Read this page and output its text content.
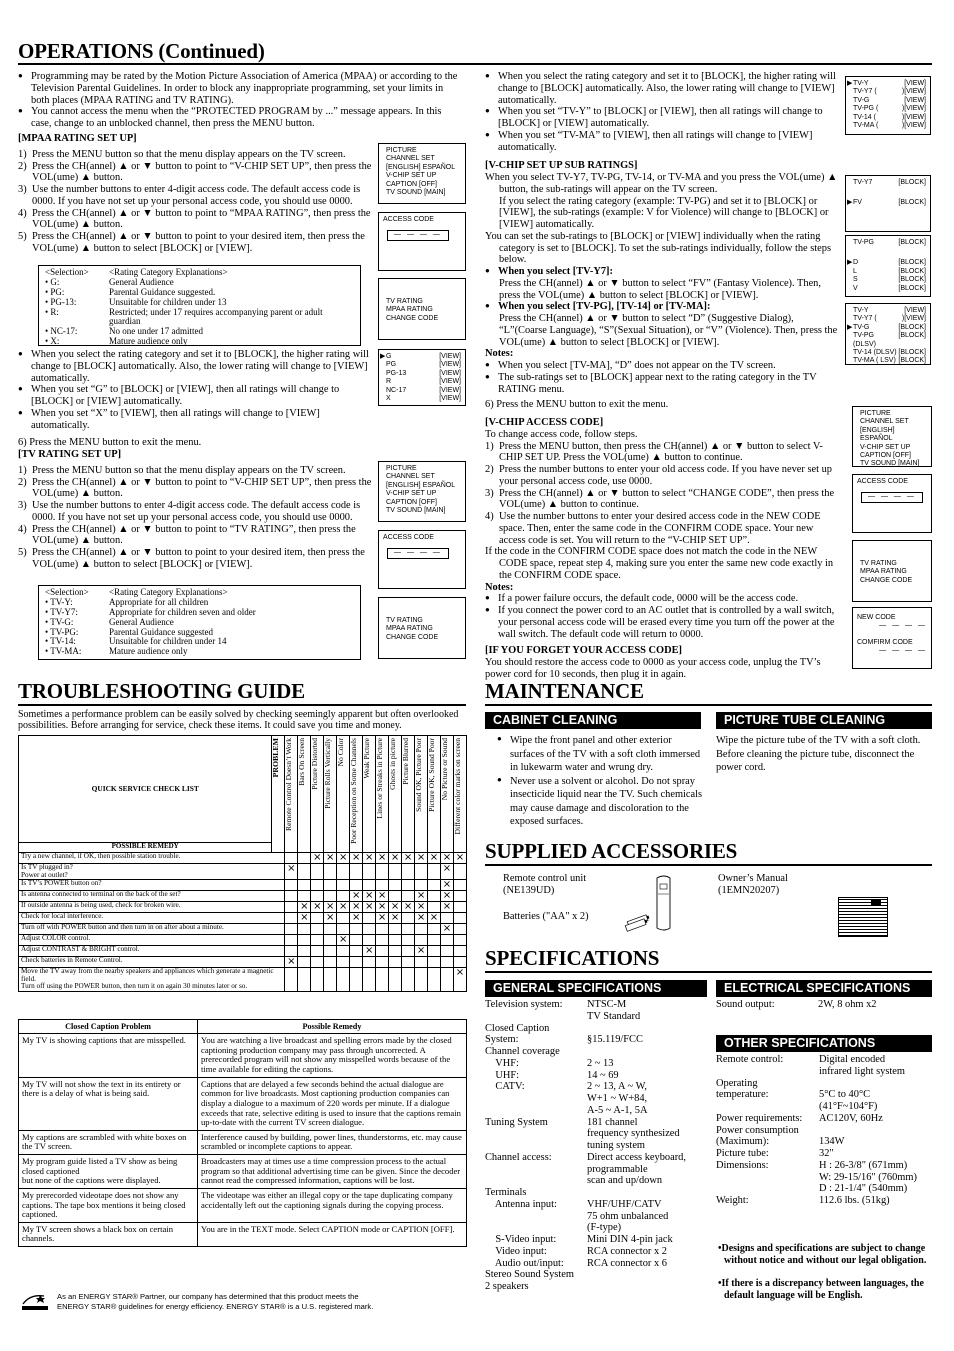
OPERATIONS (Continued)

● Programming may be rated by the Motion Picture Association of America (MPAA) or according to the Television Parental Guidelines. In order to block any inappropriate programming, set your limits in both places (MPAA RATING and TV RATING).

● You cannot access the menu when the “PROTECTED PROGRAM by ...” message appears. In this case, change to an unblocked channel, then press the MENU button.

[MPAA RATING SET UP]

1) Press the MENU button so that the menu display appears on the TV screen.

2) Press the CH(annel) ▲ or ▼ button to point to “V-CHIP SET UP”, then press the VOL(ume) ▲ button.

3) Use the number buttons to enter 4-digit access code. The default access code is 0000. If you have not set up your personal access code, you should use 0000.

4) Press the CH(annel) ▲ or ▼ button to point to “MPAA RATING”, then press the VOL(ume) ▲ button.

5) Press the CH(annel) ▲ or ▼ button to point to your desired item, then press the VOL(ume) ▲ button to select [BLOCK] or [VIEW].

<Selection>	<Rating Category Explanations>
• G:	General Audience
• PG:	Parental Guidance suggested.
• PG-13:	Unsuitable for children under 13
• R:	Restricted; under 17 requires accompanying parent or adult guardian
• NC-17:	No one under 17 admitted
• X:	Mature audience only

● When you select the rating category and set it to [BLOCK], the higher rating will change to [BLOCK] automatically. Also, the lower rating will change to [VIEW] automatically.

● When you set “G” to [BLOCK] or [VIEW], then all ratings will change to [BLOCK] or [VIEW] automatically.

● When you set “X” to [VIEW], then all ratings will change to [VIEW] automatically.

6) Press the MENU button to exit the menu.

[TV RATING SET UP]

1) Press the MENU button so that the menu display appears on the TV screen.

2) Press the CH(annel) ▲ or ▼ button to point to “V-CHIP SET UP”, then press the VOL(ume) ▲ button.

3) Use the number buttons to enter 4-digit access code. The default access code is 0000. If you have not set up your personal access code, you should use 0000.

4) Press the CH(annel) ▲ or ▼ button to point to “TV RATING”, then press the VOL(ume) ▲ button.

5) Press the CH(annel) ▲ or ▼ button to point to your desired item, then press the VOL(ume) ▲ button to select [BLOCK] or [VIEW].

<Selection>	<Rating Category Explanations>
• TV-Y:	Appropriate for all children
• TV-Y7:	Appropriate for children seven and older
• TV-G:	General Audience
• TV-PG:	Parental Guidance suggested
• TV-14:	Unsuitable for children under 14
• TV-MA:	Mature audience only
PICTURE
CHANNEL SET
[ENGLISH] ESPAÑOL
V-CHIP SET UP
CAPTION [OFF]
TV SOUND [MAIN]
ACCESS CODE
— — — —
TV RATING
MPAA RATING
CHANGE CODE
▶ G	[VIEW]
PG	[VIEW]
PG-13	[VIEW]
R	[VIEW]
NC-17	[VIEW]
X	[VIEW]
PICTURE
CHANNEL SET
[ENGLISH] ESPAÑOL
V-CHIP SET UP
CAPTION [OFF]
TV SOUND [MAIN]
ACCESS CODE
— — — —
TV RATING
MPAA RATING
CHANGE CODE

● When you select the rating category and set it to [BLOCK], the higher rating will change to [BLOCK] automatically. Also, the lower rating will change to [VIEW] automatically.

● When you set “TV-Y” to [BLOCK] or [VIEW], then all ratings will change to [BLOCK] or [VIEW] automatically.

● When you set “TV-MA” to [VIEW], then all ratings will change to [VIEW] automatically.

[V-CHIP SET UP SUB RATINGS]

When you select TV-Y7, TV-PG, TV-14, or TV-MA and you press the VOL(ume) ▲ button, the sub-ratings will appear on the TV screen.

If you select the rating category (example: TV-PG) and set it to [BLOCK] or [VIEW], the sub-ratings (example: V for Violence) will change to [BLOCK] or [VIEW] automatically.

You can set the sub-ratings to [BLOCK] or [VIEW] individually when the rating category is set to [BLOCK]. To set the sub-ratings individually, follow the steps below.

● When you select [TV-Y7]:

Press the CH(annel) ▲ or ▼ button to select “FV” (Fantasy Violence). Then, press the VOL(ume) ▲ button to select [BLOCK] or [VIEW].

● When you select [TV-PG], [TV-14] or [TV-MA]:

Press the CH(annel) ▲ or ▼ button to select “D” (Suggestive Dialog), “L”(Coarse Language), “S”(Sexual Situation), or “V” (Violence). Then, press the VOL(ume) ▲ button to select [BLOCK] or [VIEW].

Notes:

● When you select [TV-MA], “D” does not appear on the TV screen.

● The sub-ratings set to [BLOCK] appear next to the rating category in the TV RATING menu.

6) Press the MENU button to exit the menu.

[V-CHIP ACCESS CODE]

To change access code, follow steps.

1) Press the MENU button, then press the CH(annel) ▲ or ▼ button to select V-CHIP SET UP. Press the VOL(ume) ▲ button to continue.

2) Press the number buttons to enter your old access code. If you have never set up your personal access code, use 0000.

3) Press the CH(annel) ▲ or ▼ button to select “CHANGE CODE”, then press the VOL(ume) ▲ button to continue.

4) Use the number buttons to enter your desired access code in the NEW CODE space. Then, enter the same code in the CONFIRM CODE space. Your new access code is set. You will return to the “V-CHIP SET UP”.

If the code in the CONFIRM CODE space does not match the code in the NEW CODE space, repeat step 4, making sure you enter the same new code exactly in the CONFIRM CODE space.

Notes:

● If a power failure occurs, the default code, 0000 will be the access code.

● If you connect the power cord to an AC outlet that is controlled by a wall switch, your personal access code will be erased every time you turn off the power at the wall switch. The default code will return to 0000.

[IF YOU FORGET YOUR ACCESS CODE]

You should restore the access code to 0000 as your access code, unplug the TV’s power cord for 10 seconds, then plug it in again.

▶ TV-Y	[VIEW]
TV-Y7 (	)[VIEW]
TV-G	[VIEW]
TV-PG (	)[VIEW]
TV-14 (	)[VIEW]
TV-MA (	)[VIEW]
TV-Y7	[BLOCK]
▶ FV	[BLOCK]
TV-PG	[BLOCK]
▶ D	[BLOCK]
L	[BLOCK]
S	[BLOCK]
V	[BLOCK]
TV-Y	[VIEW]
TV-Y7 (	)[VIEW]
▶ TV-G	[BLOCK]
TV-PG (DLSV)
[BLOCK]
TV-14 (DLSV) [BLOCK]
TV-MA ( LSV) [BLOCK]
PICTURE
CHANNEL SET
[ENGLISH] ESPAÑOL
V-CHIP SET UP
CAPTION [OFF]
TV SOUND [MAIN]
ACCESS CODE
— — — —
TV RATING
MPAA RATING
CHANGE CODE
NEW CODE
— — — —
COMFIRM CODE
— — — —
TROUBLESHOOTING GUIDE
Sometimes a performance problem can be easily solved by checking seemingly apparent but often overlooked possibilities. Before arranging for service, check these items. It could save you time and money.
QUICK SERVICE CHECK LIST	PROBLEM	Remote Control Doesn’t Work	Bars On Screen	Picture Distorted	Picture Rolls Vertically	No Color	Poor Reception on Some Channels	Weak Picture	Lines or Streaks in Picture	Ghosts in picture	Picture Blurred	Sound OK, Picture Poor	Picture OK, Sound Poor	No Picture or Sound	Different color marks on screen

POSSIBLE REMEDY															
Try a new channel, if OK, then possible station trouble.				×	×	×	×	×	×	×	×	×	×	×	×
Is TV plugged in?
Power at outlet?		×												×	
Is TV’s POWER button on?														×	
Is antenna connected to terminal on the back of the set?							×	×	×			×		×	
If outside antenna is being used, check for broken wire.			×	×	×	×	×	×	×	×	×	×		×	
Check for local interference.			×		×		×		×	×		×	×		
Turn off with POWER button and then turn in on after about a minute.														×	
Adjust COLOR control.						×									
Adjust CONTRAST & BRIGHT control.								×				×			
Check batteries in Remote Control.		×													
Move the TV away from the nearby speakers and appliances which generate a magnetic field.
Turn off using the POWER button, then turn it on again 30 minutes later or so.															×
Closed Caption Problem	Possible Remedy
My TV is showing captions that are misspelled.	You are watching a live broadcast and spelling errors made by the closed captioning production company may pass through uncorrected. A prerecorded program will not show any misspelled words because of the time available for editing the captions.
My TV will not show the text in its entirety or there is a delay of what is being said.	Captions that are delayed a few seconds behind the actual dialogue are common for live broadcasts. Most captioning production companies can display a dialogue to a maximum of 220 words per minute. If a dialogue exceeds that rate, selective editing is used to insure that the captions remain up-to-date with the current TV screen dialogue.
My captions are scrambled with white boxes on the TV screen.	Interference caused by building, power lines, thunderstorms, etc. may cause scrambled or incomplete captions to appear.
My program guide listed a TV show as being closed captioned
but none of the captions were displayed.	Broadcasters may at times use a time compression process to the actual program so that additional advertising time can be given. Since the decoder cannot read the compressed information, captions will be lost.
My prerecorded videotape does not show any captions. The tape box mentions it being closed captioned.	The videotape was either an illegal copy or the tape duplicating company accidentally left out the captioning signals during the copying process.
My TV screen shows a black box on certain channels.	You are in the TEXT mode. Select CAPTION mode or CAPTION [OFF].
As an ENERGY STAR® Partner, our company has determined that this product meets the ENERGY STAR® guidelines for energy efficiency. ENERGY STAR® is a U.S. registered mark.
MAINTENANCE
CABINET CLEANING	PICTURE TUBE CLEANING

● Wipe the front panel and other exterior surfaces of the TV with a soft cloth immersed in lukewarm water and wrung dry.

● Never use a solvent or alcohol. Do not spray insecticide liquid near the TV. Such chemicals may cause damage and discoloration to the exposed surfaces.

Wipe the picture tube of the TV with a soft cloth. Before cleaning the picture tube, disconnect the power cord.
SUPPLIED ACCESSORIES
Remote control unit
(NE139UD)
Batteries ("AA" x 2)
Owner’s Manual
(1EMN20207)
SPECIFICATIONS
GENERAL SPECIFICATIONS	ELECTRICAL SPECIFICATIONS
OTHER SPECIFICATIONS
Television system:	NTSC-M
TV Standard
Closed Caption
System:	
§15.119/FCC
Channel coverage
VHF:	2 ~ 13
UHF:	14 ~ 69
CATV:	2 ~ 13, A ~ W,
W+1 ~ W+84,
A-5 ~ A-1, 5A
Tuning System	181 channel
frequency synthesized
tuning system
Channel access:	Direct access keyboard,
programmable
scan and up/down
Terminals
Antenna input:	VHF/UHF/CATV
75 ohm unbalanced
(F-type)
S-Video input:	Mini DIN 4-pin jack
Video input:	RCA connector x 2
Audio out/input:	RCA connector x 6
Stereo Sound System
2 speakers
Sound output:	2W, 8 ohm x2
Remote control:	Digital encoded
infrared light system
Operating
temperature:	
5°C to 40°C
(41°F~104°F)
Power requirements:	AC120V, 60Hz
Power consumption
(Maximum):	
134W
Picture tube:	32"
Dimensions:	H : 26-3/8" (671mm)
W: 29-15/16" (760mm)
D : 21-1/4" (540mm)
Weight:	112.6 lbs. (51kg)
•Designs and specifications are subject to change without notice and without our legal obligation.
•If there is a discrepancy between languages, the default language will be English.
